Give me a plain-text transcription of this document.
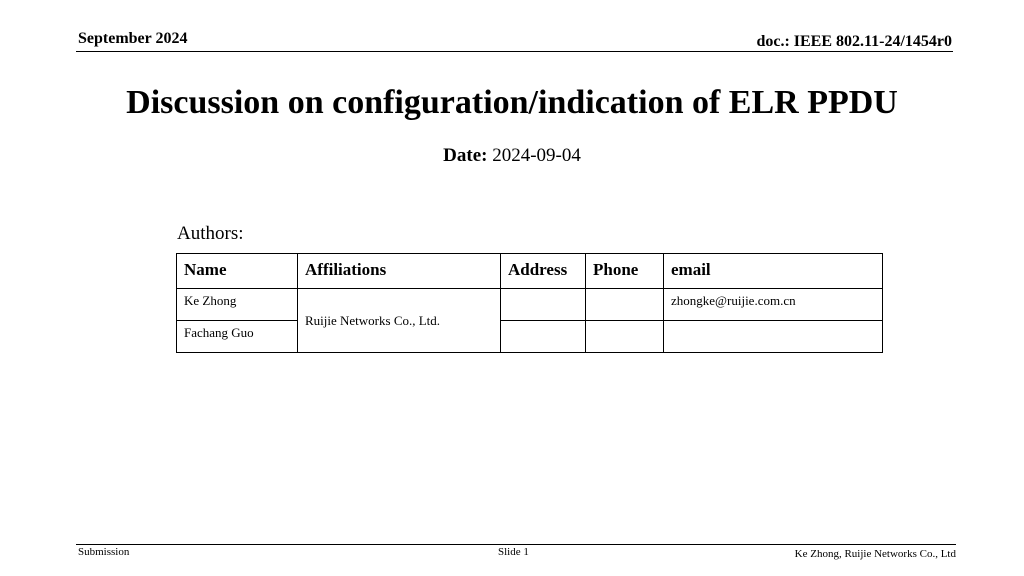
September 2024	doc.: IEEE 802.11-24/1454r0
Discussion on configuration/indication of ELR PPDU
Date: 2024-09-04
Authors:
Name	Affiliations	Address	Phone	email
Ke Zhong	Ruijie Networks Co., Ltd.			zhongke@ruijie.com.cn
Fachang Guo				
Submission	Slide 1	Ke Zhong, Ruijie Networks Co., Ltd
